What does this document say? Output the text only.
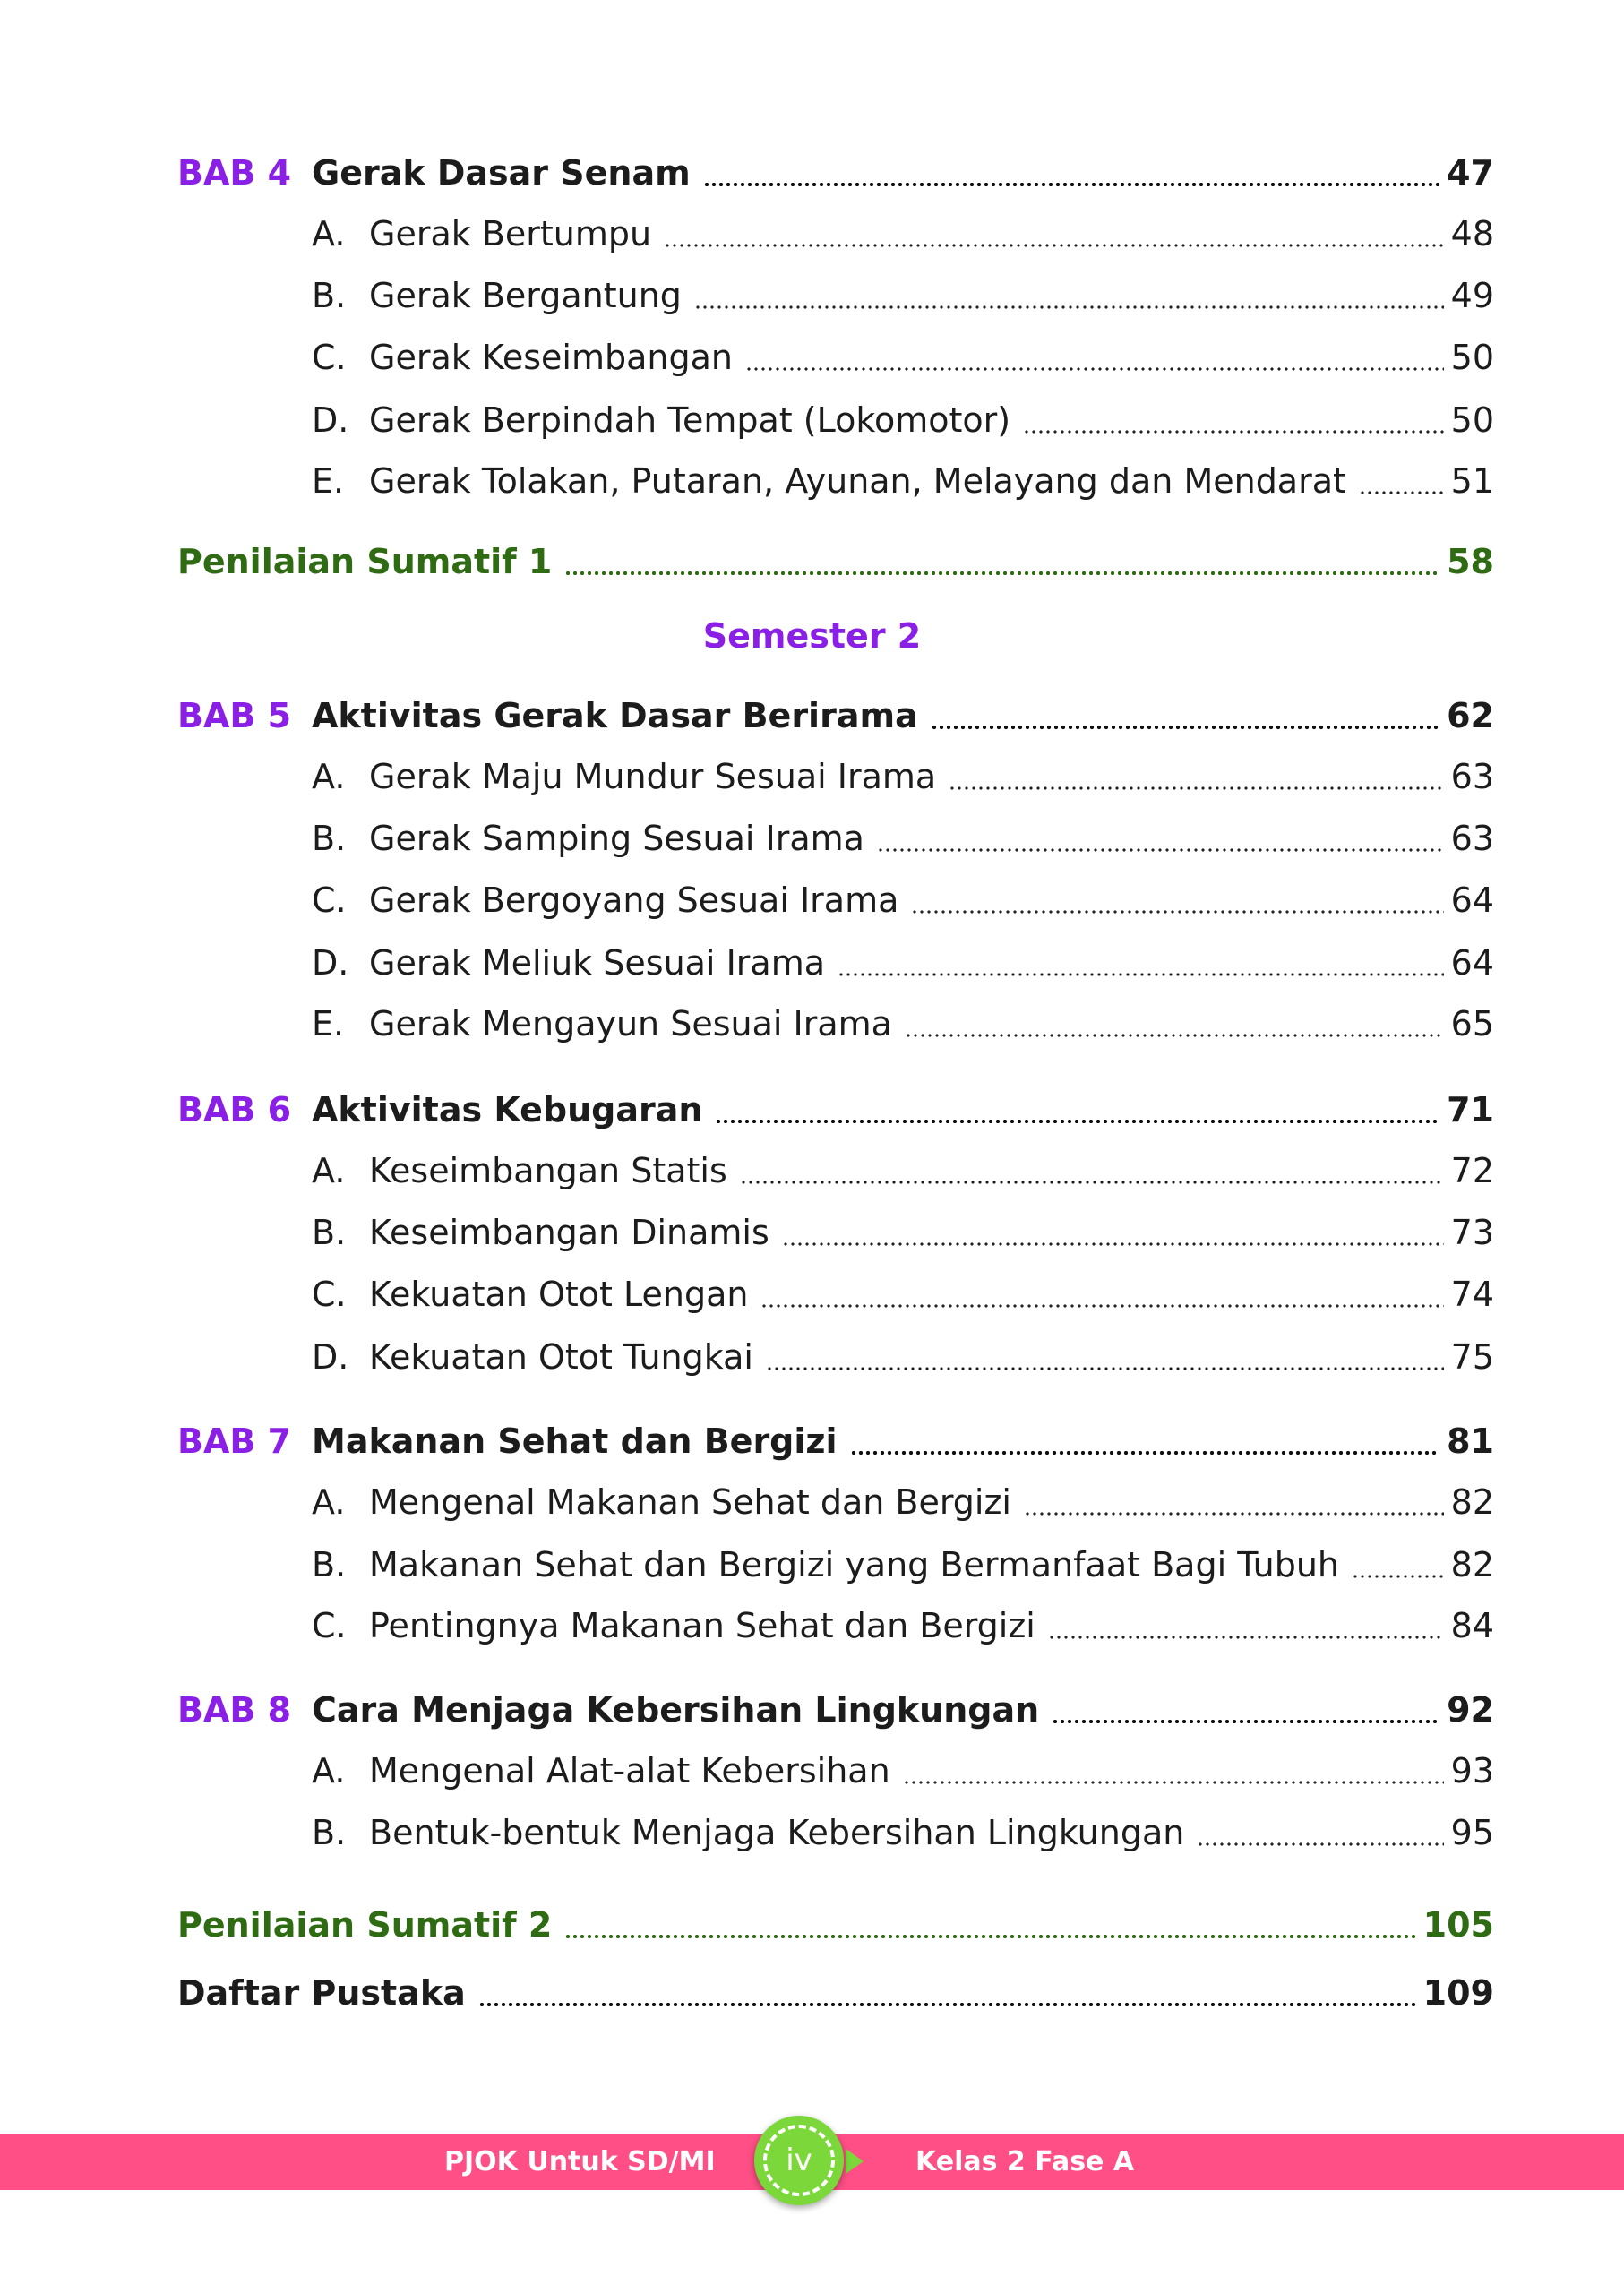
BAB 4 Gerak Dasar Senam	47
A. Gerak Bertumpu	48
B. Gerak Bergantung	49
C. Gerak Keseimbangan	50
D. Gerak Berpindah Tempat (Lokomotor)	50
E. Gerak Tolakan, Putaran, Ayunan, Melayang dan Mendarat	51
Penilaian Sumatif 1	58
BAB 5 Aktivitas Gerak Dasar Berirama	62
A. Gerak Maju Mundur Sesuai Irama	63
B. Gerak Samping Sesuai Irama	63
C. Gerak Bergoyang Sesuai Irama	64
D. Gerak Meliuk Sesuai Irama	64
E. Gerak Mengayun Sesuai Irama	65
BAB 6 Aktivitas Kebugaran	71
A. Keseimbangan Statis	72
B. Keseimbangan Dinamis	73
C. Kekuatan Otot Lengan	74
D. Kekuatan Otot Tungkai	75
BAB 7 Makanan Sehat dan Bergizi	81
A. Mengenal Makanan Sehat dan Bergizi	82
B. Makanan Sehat dan Bergizi yang Bermanfaat Bagi Tubuh	82
C. Pentingnya Makanan Sehat dan Bergizi	84
BAB 8 Cara Menjaga Kebersihan Lingkungan	92
A. Mengenal Alat-alat Kebersihan	93
B. Bentuk-bentuk Menjaga Kebersihan Lingkungan	95
Penilaian Sumatif 2	105
Daftar Pustaka	109
Semester 2
PJOK Untuk SD/MI	Kelas 2 Fase A
iv
